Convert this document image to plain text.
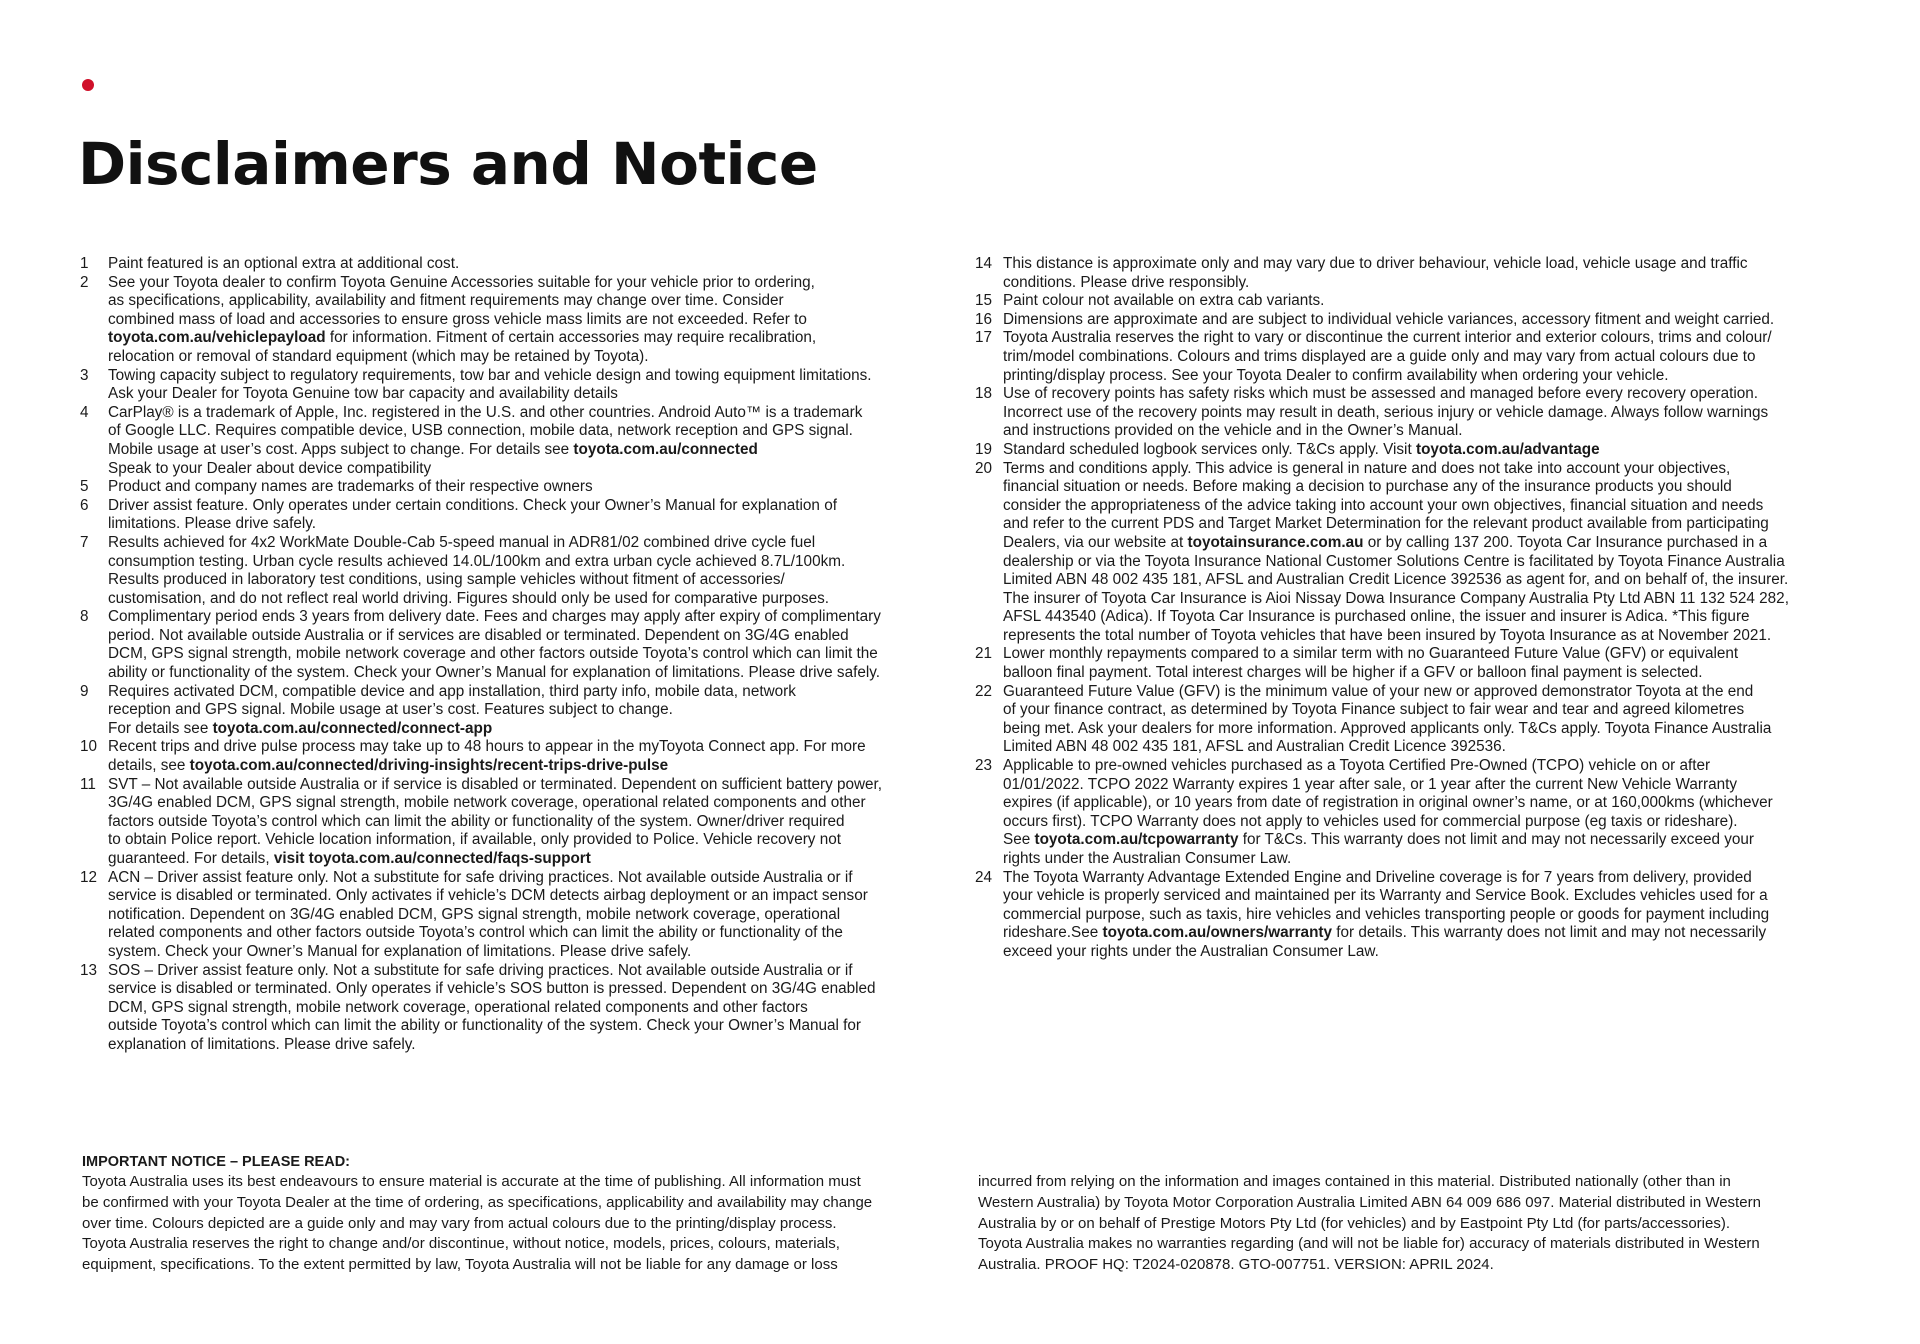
Disclaimers and Notice
1	Paint featured is an optional extra at additional cost.
2	See your Toyota dealer to confirm Toyota Genuine Accessories suitable for your vehicle prior to ordering,
as specifications, applicability, availability and fitment requirements may change over time. Consider
combined mass of load and accessories to ensure gross vehicle mass limits are not exceeded. Refer to
toyota.com.au/vehiclepayload for information. Fitment of certain accessories may require recalibration,
relocation or removal of standard equipment (which may be retained by Toyota).
3	Towing capacity subject to regulatory requirements, tow bar and vehicle design and towing equipment limitations.
Ask your Dealer for Toyota Genuine tow bar capacity and availability details
4	CarPlay® is a trademark of Apple, Inc. registered in the U.S. and other countries. Android Auto™ is a trademark
of Google LLC. Requires compatible device, USB connection, mobile data, network reception and GPS signal.
Mobile usage at user’s cost. Apps subject to change. For details see toyota.com.au/connected
Speak to your Dealer about device compatibility
5	Product and company names are trademarks of their respective owners
6	Driver assist feature. Only operates under certain conditions. Check your Owner’s Manual for explanation of
limitations. Please drive safely.
7	Results achieved for 4x2 WorkMate Double-Cab 5-speed manual in ADR81/02 combined drive cycle fuel
consumption testing. Urban cycle results achieved 14.0L/100km and extra urban cycle achieved 8.7L/100km.
Results produced in laboratory test conditions, using sample vehicles without fitment of accessories/
customisation, and do not reflect real world driving. Figures should only be used for comparative purposes.
8	Complimentary period ends 3 years from delivery date. Fees and charges may apply after expiry of complimentary
period. Not available outside Australia or if services are disabled or terminated. Dependent on 3G/4G enabled
DCM, GPS signal strength, mobile network coverage and other factors outside Toyota’s control which can limit the
ability or functionality of the system. Check your Owner’s Manual for explanation of limitations. Please drive safely.
9	Requires activated DCM, compatible device and app installation, third party info, mobile data, network
reception and GPS signal. Mobile usage at user’s cost. Features subject to change.
For details see toyota.com.au/connected/connect-app
10 Recent trips and drive pulse process may take up to 48 hours to appear in the myToyota Connect app. For more
details, see toyota.com.au/connected/driving-insights/recent-trips-drive-pulse
11 SVT – Not available outside Australia or if service is disabled or terminated. Dependent on sufficient battery power,
3G/4G enabled DCM, GPS signal strength, mobile network coverage, operational related components and other
factors outside Toyota’s control which can limit the ability or functionality of the system. Owner/driver required
to obtain Police report. Vehicle location information, if available, only provided to Police. Vehicle recovery not
guaranteed. For details, visit toyota.com.au/connected/faqs-support
12 ACN – Driver assist feature only. Not a substitute for safe driving practices. Not available outside Australia or if
service is disabled or terminated. Only activates if vehicle’s DCM detects airbag deployment or an impact sensor
notification. Dependent on 3G/4G enabled DCM, GPS signal strength, mobile network coverage, operational
related components and other factors outside Toyota’s control which can limit the ability or functionality of the
system. Check your Owner’s Manual for explanation of limitations. Please drive safely.
13 SOS – Driver assist feature only. Not a substitute for safe driving practices. Not available outside Australia or if
service is disabled or terminated. Only operates if vehicle’s SOS button is pressed. Dependent on 3G/4G enabled
DCM, GPS signal strength, mobile network coverage, operational related components and other factors
outside Toyota’s control which can limit the ability or functionality of the system. Check your Owner’s Manual for
explanation of limitations. Please drive safely.
14 This distance is approximate only and may vary due to driver behaviour, vehicle load, vehicle usage and traffic
conditions. Please drive responsibly.
15 Paint colour not available on extra cab variants.
16 Dimensions are approximate and are subject to individual vehicle variances, accessory fitment and weight carried.
17 Toyota Australia reserves the right to vary or discontinue the current interior and exterior colours, trims and colour/
trim/model combinations. Colours and trims displayed are a guide only and may vary from actual colours due to
printing/display process. See your Toyota Dealer to confirm availability when ordering your vehicle.
18 Use of recovery points has safety risks which must be assessed and managed before every recovery operation.
Incorrect use of the recovery points may result in death, serious injury or vehicle damage. Always follow warnings
and instructions provided on the vehicle and in the Owner’s Manual.
19 Standard scheduled logbook services only. T&Cs apply. Visit toyota.com.au/advantage
20 Terms and conditions apply. This advice is general in nature and does not take into account your objectives,
financial situation or needs. Before making a decision to purchase any of the insurance products you should
consider the appropriateness of the advice taking into account your own objectives, financial situation and needs
and refer to the current PDS and Target Market Determination for the relevant product available from participating
Dealers, via our website at toyotainsurance.com.au or by calling 137 200. Toyota Car Insurance purchased in a
dealership or via the Toyota Insurance National Customer Solutions Centre is facilitated by Toyota Finance Australia
Limited ABN 48 002 435 181, AFSL and Australian Credit Licence 392536 as agent for, and on behalf of, the insurer.
The insurer of Toyota Car Insurance is Aioi Nissay Dowa Insurance Company Australia Pty Ltd ABN 11 132 524 282,
AFSL 443540 (Adica). If Toyota Car Insurance is purchased online, the issuer and insurer is Adica. *This figure
represents the total number of Toyota vehicles that have been insured by Toyota Insurance as at November 2021.
21 Lower monthly repayments compared to a similar term with no Guaranteed Future Value (GFV) or equivalent
balloon final payment. Total interest charges will be higher if a GFV or balloon final payment is selected.
22 Guaranteed Future Value (GFV) is the minimum value of your new or approved demonstrator Toyota at the end
of your finance contract, as determined by Toyota Finance subject to fair wear and tear and agreed kilometres
being met. Ask your dealers for more information. Approved applicants only. T&Cs apply. Toyota Finance Australia
Limited ABN 48 002 435 181, AFSL and Australian Credit Licence 392536.
23 Applicable to pre-owned vehicles purchased as a Toyota Certified Pre-Owned (TCPO) vehicle on or after
01/01/2022. TCPO 2022 Warranty expires 1 year after sale, or 1 year after the current New Vehicle Warranty
expires (if applicable), or 10 years from date of registration in original owner’s name, or at 160,000kms (whichever
occurs first). TCPO Warranty does not apply to vehicles used for commercial purpose (eg taxis or rideshare).
See toyota.com.au/tcpowarranty for T&Cs. This warranty does not limit and may not necessarily exceed your
rights under the Australian Consumer Law.
24 The Toyota Warranty Advantage Extended Engine and Driveline coverage is for 7 years from delivery, provided
your vehicle is properly serviced and maintained per its Warranty and Service Book. Excludes vehicles used for a
commercial purpose, such as taxis, hire vehicles and vehicles transporting people or goods for payment including
rideshare.See toyota.com.au/owners/warranty for details. This warranty does not limit and may not necessarily
exceed your rights under the Australian Consumer Law.
IMPORTANT NOTICE – PLEASE READ:
Toyota Australia uses its best endeavours to ensure material is accurate at the time of publishing. All information must
be confirmed with your Toyota Dealer at the time of ordering, as specifications, applicability and availability may change
over time. Colours depicted are a guide only and may vary from actual colours due to the printing/display process.
Toyota Australia reserves the right to change and/or discontinue, without notice, models, prices, colours, materials,
equipment, specifications. To the extent permitted by law, Toyota Australia will not be liable for any damage or loss
incurred from relying on the information and images contained in this material. Distributed nationally (other than in
Western Australia) by Toyota Motor Corporation Australia Limited ABN 64 009 686 097. Material distributed in Western
Australia by or on behalf of Prestige Motors Pty Ltd (for vehicles) and by Eastpoint Pty Ltd (for parts/accessories).
Toyota Australia makes no warranties regarding (and will not be liable for) accuracy of materials distributed in Western
Australia. PROOF HQ: T2024-020878. GTO-007751. VERSION: APRIL 2024.
